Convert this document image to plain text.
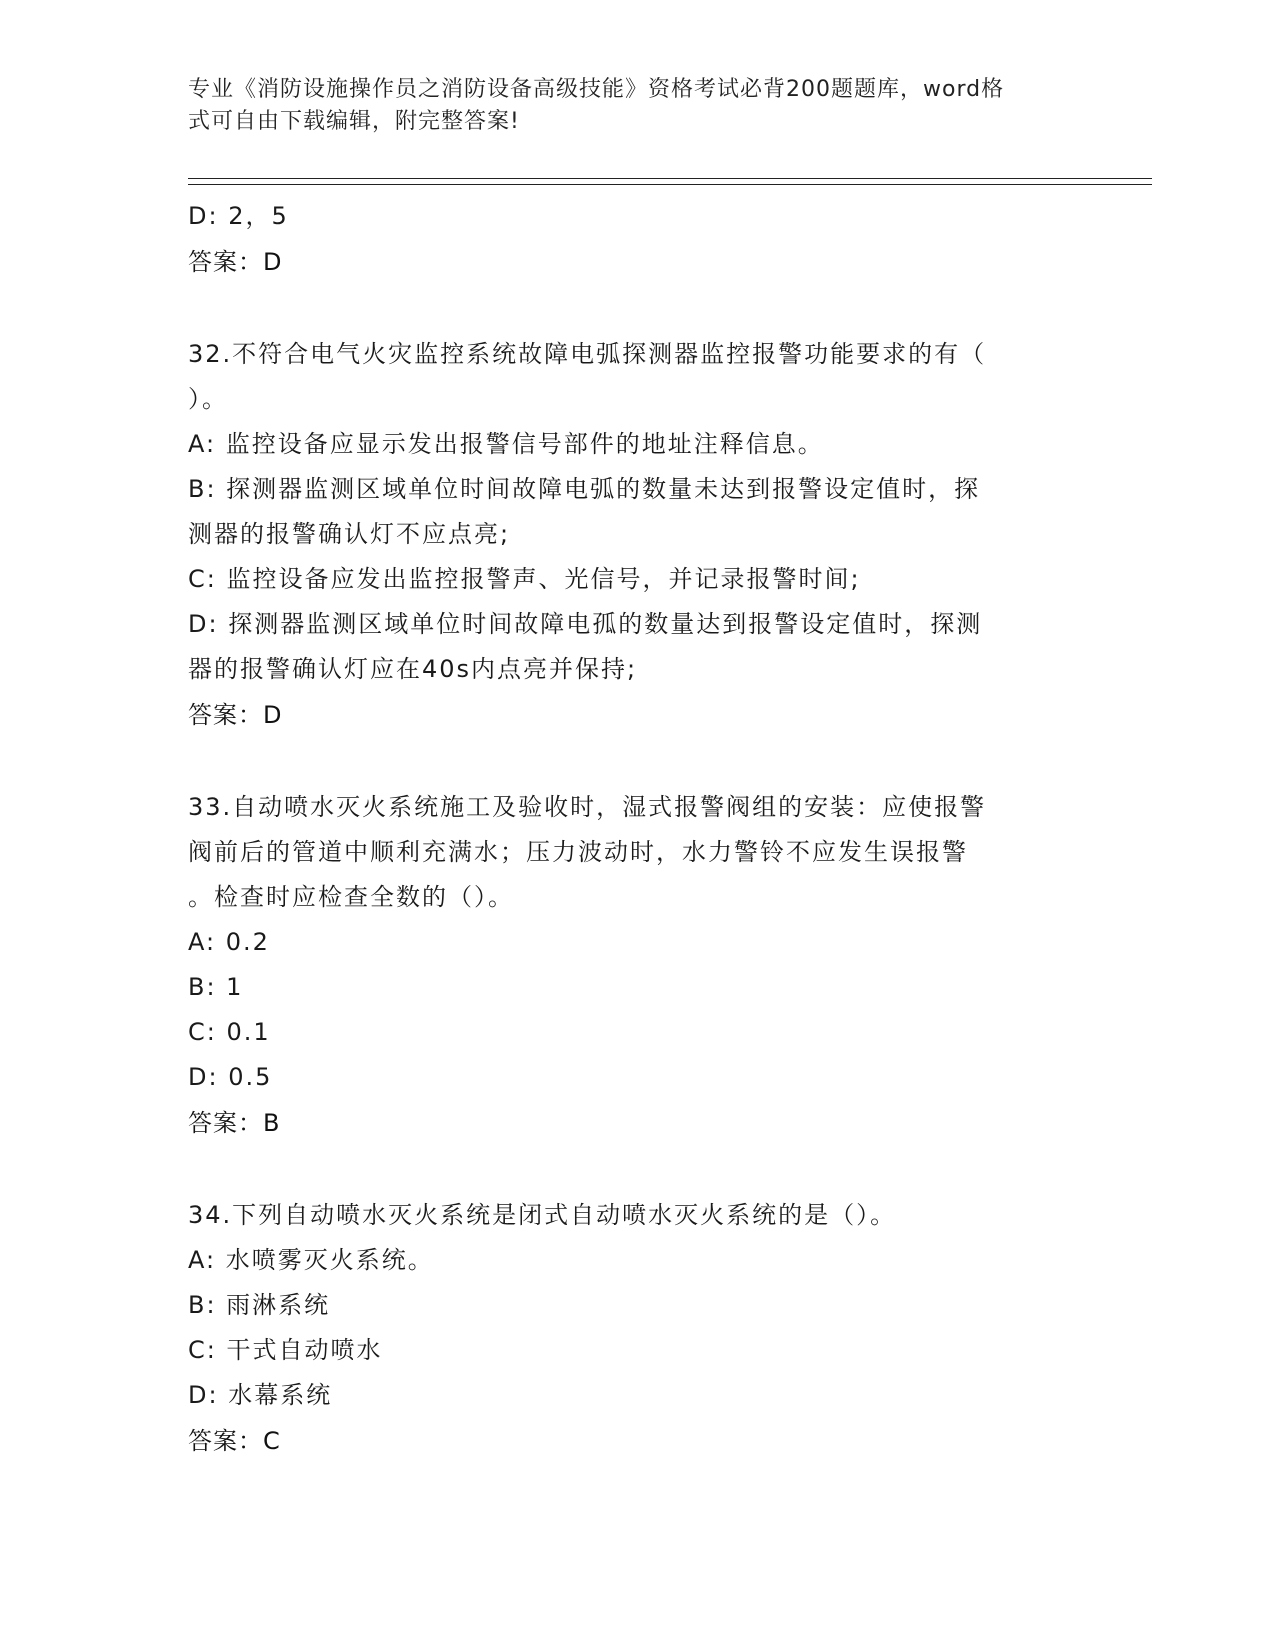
专业《消防设施操作员之消防设备高级技能》资格考试必背200题题库，word格
式可自由下载编辑，附完整答案!

D: 2，5

答案：D

32.不符合电气火灾监控系统故障电弧探测器监控报警功能要求的有（

）。

A: 监控设备应显示发出报警信号部件的地址注释信息。

B: 探测器监测区域单位时间故障电弧的数量未达到报警设定值时，探

测器的报警确认灯不应点亮;

C: 监控设备应发出监控报警声、光信号，并记录报警时间;

D: 探测器监测区域单位时间故障电孤的数量达到报警设定值时，探测

器的报警确认灯应在40s内点亮并保持;

答案：D

33.自动喷水灭火系统施工及验收时，湿式报警阀组的安装：应使报警

阀前后的管道中顺利充满水；压力波动时，水力警铃不应发生误报警

。检查时应检查全数的（）。

A: 0.2

B: 1

C: 0.1

D: 0.5

答案：B

34.下列自动喷水灭火系统是闭式自动喷水灭火系统的是（）。

A: 水喷雾灭火系统。

B: 雨淋系统

C: 干式自动喷水

D: 水幕系统

答案：C
